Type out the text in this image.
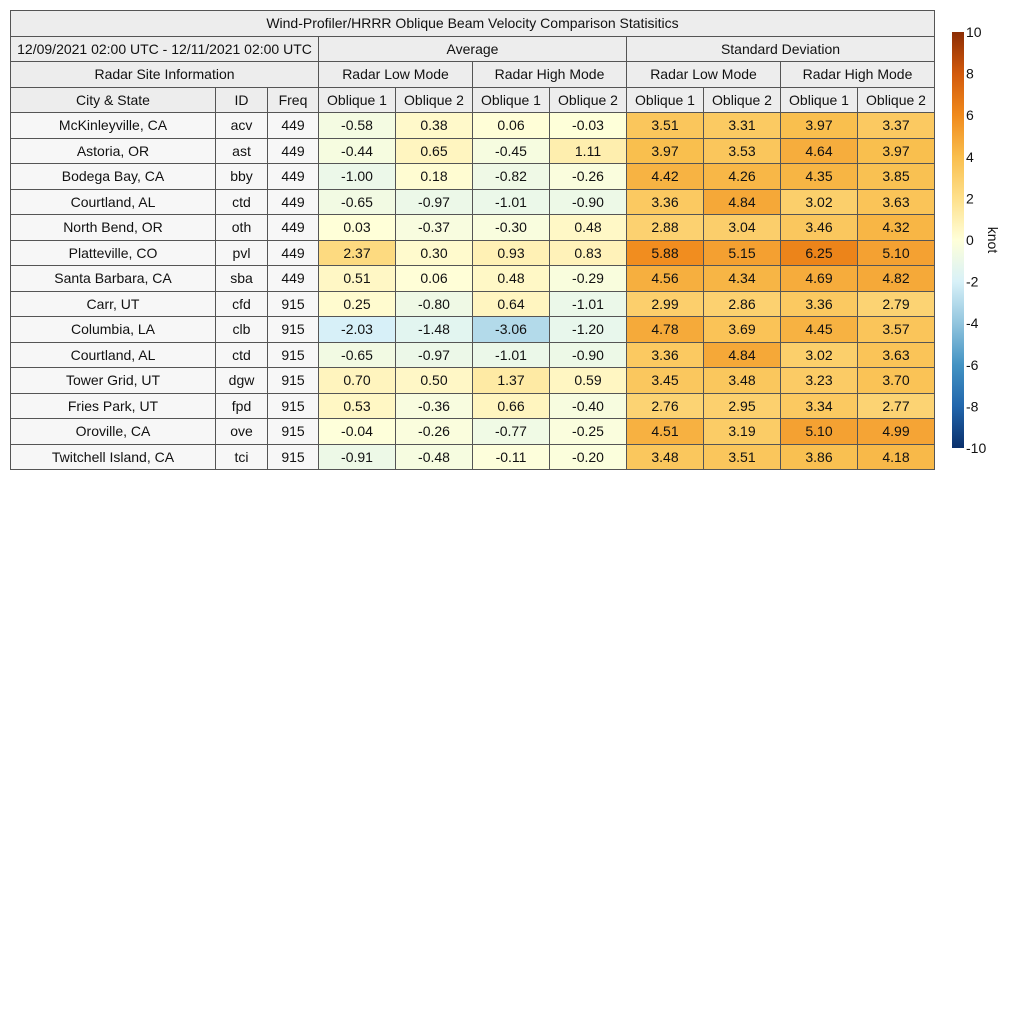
Wind-Profiler/HRRR Oblique Beam Velocity Comparison Statisitics										
12/09/2021 02:00 UTC - 12/11/2021 02:00 UTC			Average				Standard Deviation			
Radar Site Information			Radar Low Mode		Radar High Mode		Radar Low Mode		Radar High Mode	
City & State	ID	Freq	Oblique 1	Oblique 2	Oblique 1	Oblique 2	Oblique 1	Oblique 2	Oblique 1	Oblique 2
McKinleyville, CA	acv	449	-0.58	0.38	0.06	-0.03	3.51	3.31	3.97	3.37
Astoria, OR	ast	449	-0.44	0.65	-0.45	1.11	3.97	3.53	4.64	3.97
Bodega Bay, CA	bby	449	-1.00	0.18	-0.82	-0.26	4.42	4.26	4.35	3.85
Courtland, AL	ctd	449	-0.65	-0.97	-1.01	-0.90	3.36	4.84	3.02	3.63
North Bend, OR	oth	449	0.03	-0.37	-0.30	0.48	2.88	3.04	3.46	4.32
Platteville, CO	pvl	449	2.37	0.30	0.93	0.83	5.88	5.15	6.25	5.10
Santa Barbara, CA	sba	449	0.51	0.06	0.48	-0.29	4.56	4.34	4.69	4.82
Carr, UT	cfd	915	0.25	-0.80	0.64	-1.01	2.99	2.86	3.36	2.79
Columbia, LA	clb	915	-2.03	-1.48	-3.06	-1.20	4.78	3.69	4.45	3.57
Courtland, AL	ctd	915	-0.65	-0.97	-1.01	-0.90	3.36	4.84	3.02	3.63
Tower Grid, UT	dgw	915	0.70	0.50	1.37	0.59	3.45	3.48	3.23	3.70
Fries Park, UT	fpd	915	0.53	-0.36	0.66	-0.40	2.76	2.95	3.34	2.77
Oroville, CA	ove	915	-0.04	-0.26	-0.77	-0.25	4.51	3.19	5.10	4.99
Twitchell Island, CA	tci	915	-0.91	-0.48	-0.11	-0.20	3.48	3.51	3.86	4.18
10
8
6
4
2
0
-2
-4
-6
-8
-10
knot
